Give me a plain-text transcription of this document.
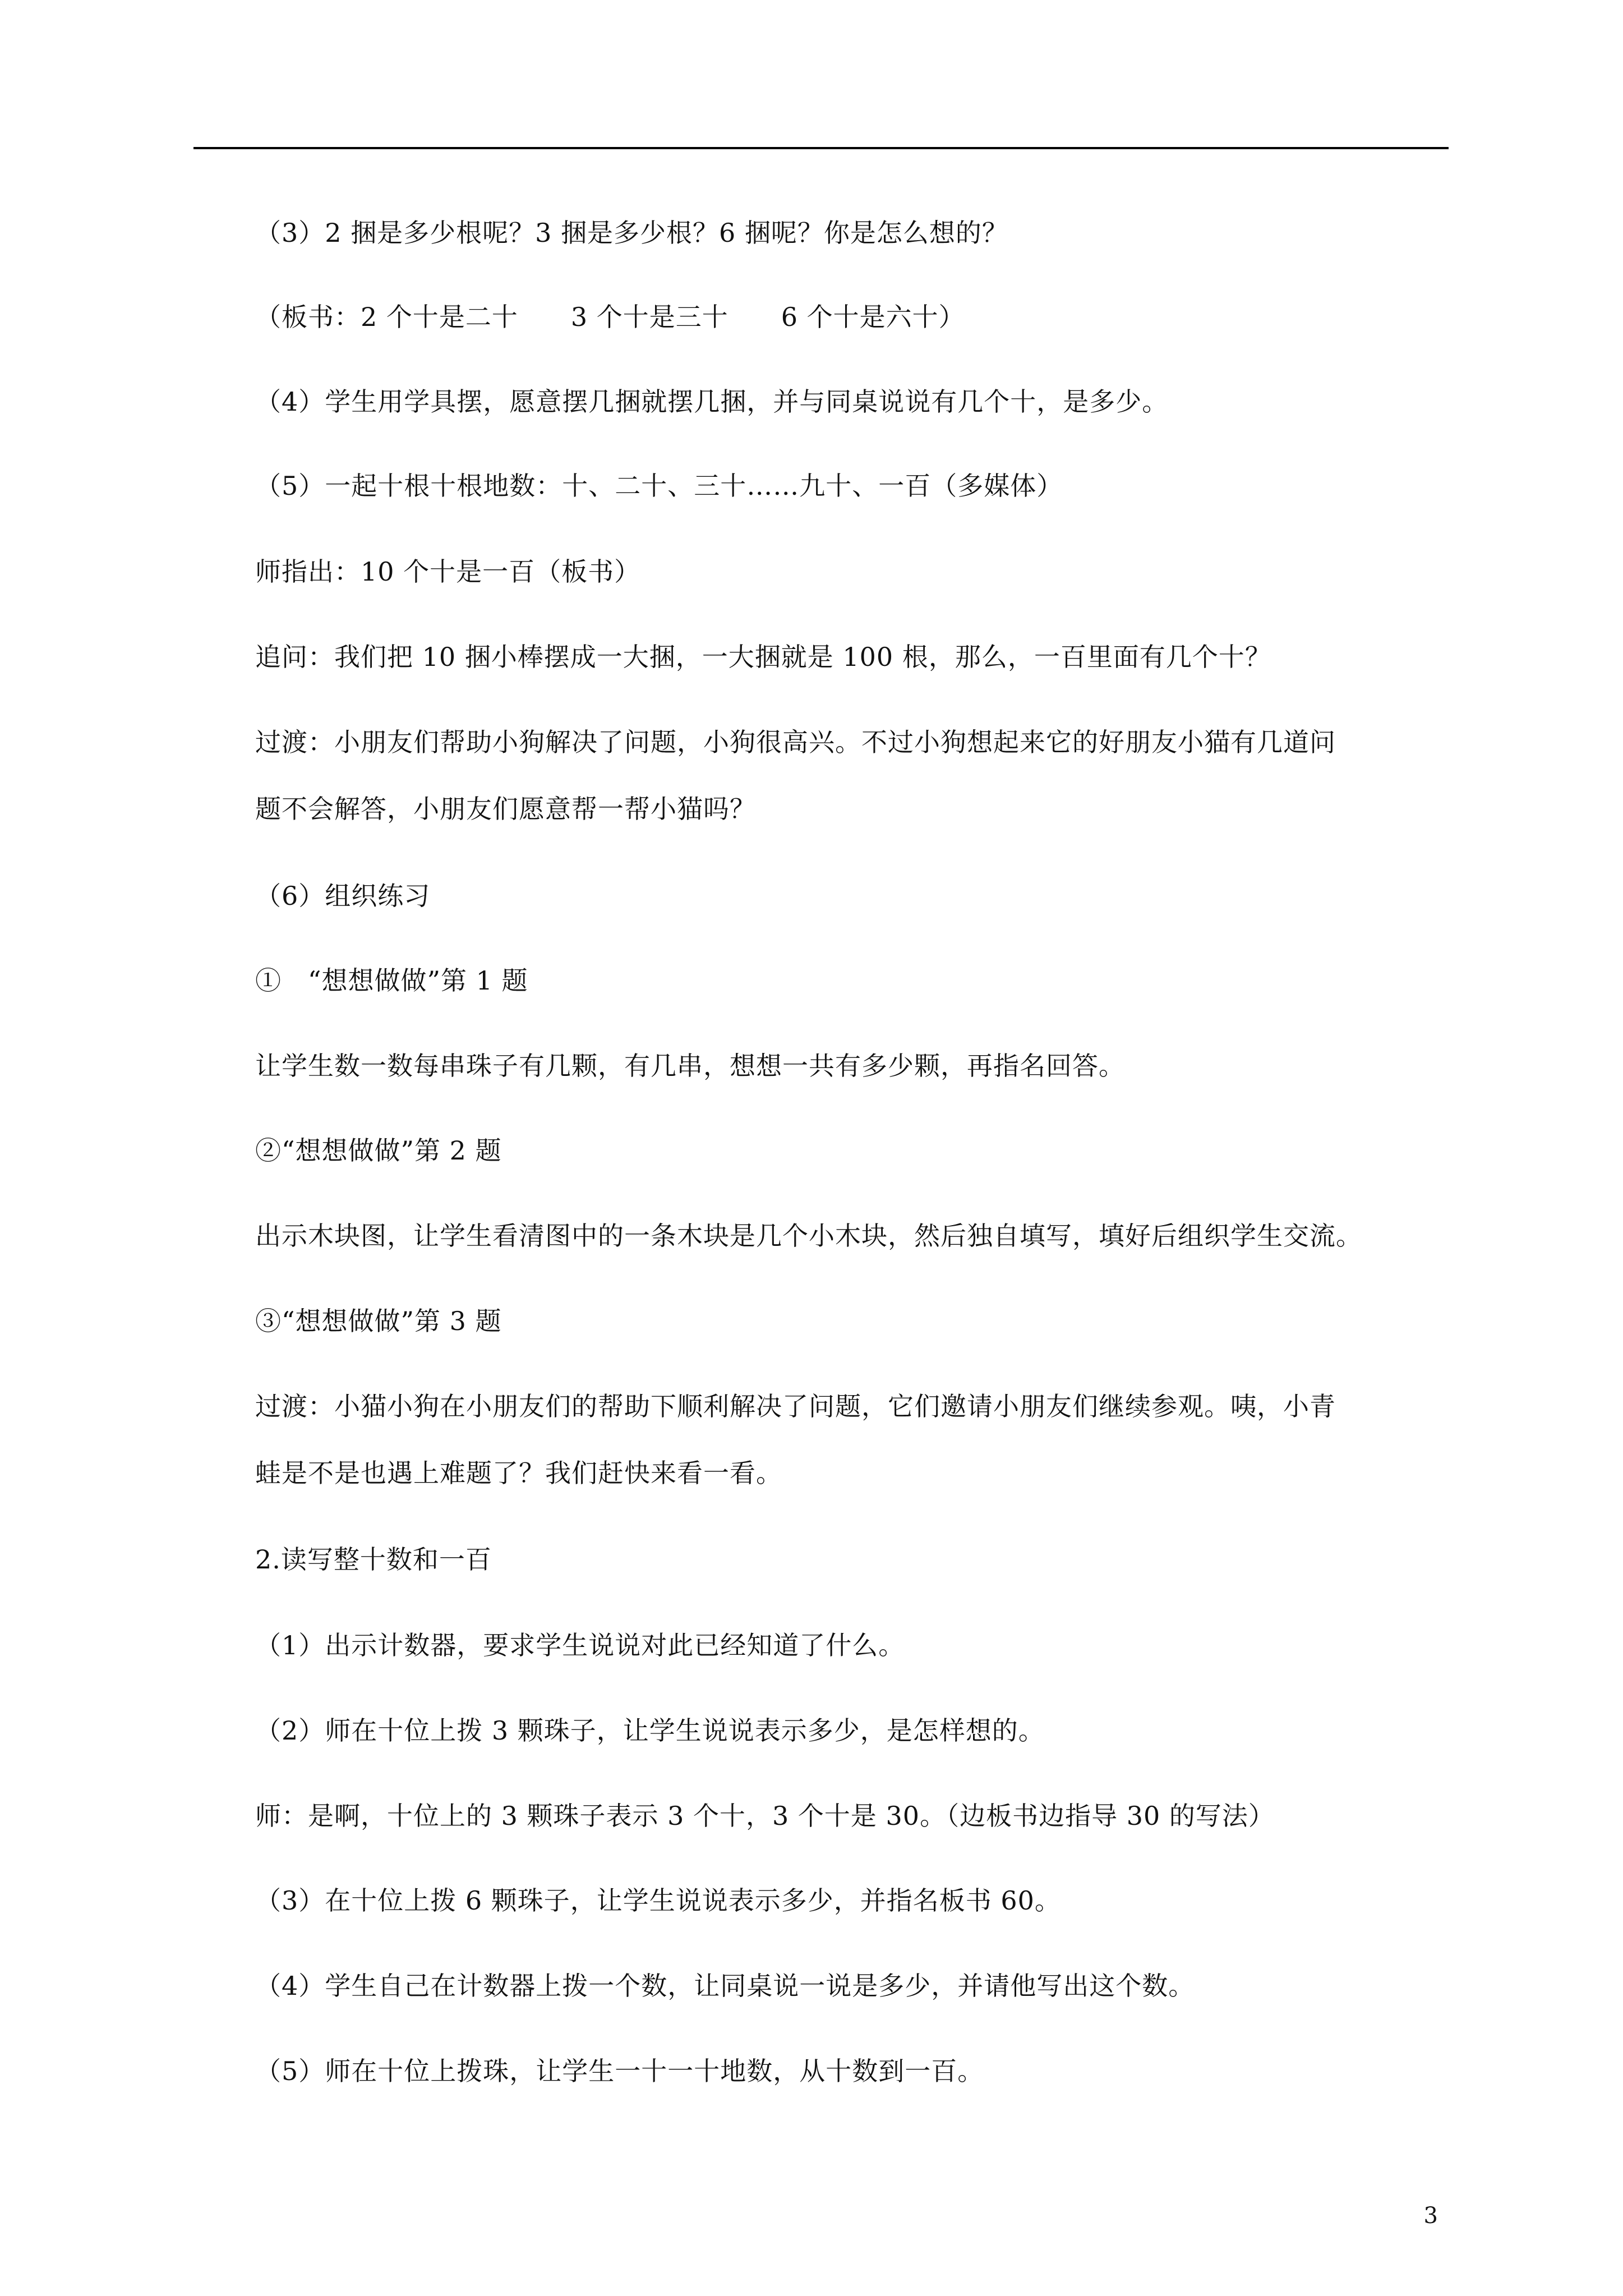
（3）2 捆是多少根呢？3 捆是多少根？6 捆呢？你是怎么想的？
（板书：2 个十是二十　　3 个十是三十　　6 个十是六十）
（4）学生用学具摆，愿意摆几捆就摆几捆，并与同桌说说有几个十，是多少。
（5）一起十根十根地数：十、二十、三十……九十、一百（多媒体）
师指出：10 个十是一百（板书）
追问：我们把 10 捆小棒摆成一大捆，一大捆就是 100 根，那么，一百里面有几个十？
过渡：小朋友们帮助小狗解决了问题，小狗很高兴。不过小狗想起来它的好朋友小猫有几道问
题不会解答，小朋友们愿意帮一帮小猫吗？
（6）组织练习
①　“想想做做”第 1 题
让学生数一数每串珠子有几颗，有几串，想想一共有多少颗，再指名回答。
②“想想做做”第 2 题
出示木块图，让学生看清图中的一条木块是几个小木块，然后独自填写，填好后组织学生交流。
③“想想做做”第 3 题
过渡：小猫小狗在小朋友们的帮助下顺利解决了问题，它们邀请小朋友们继续参观。咦，小青
蛙是不是也遇上难题了？我们赶快来看一看。
2.读写整十数和一百
（1）出示计数器，要求学生说说对此已经知道了什么。
（2）师在十位上拨 3 颗珠子，让学生说说表示多少，是怎样想的。
师：是啊，十位上的 3 颗珠子表示 3 个十，3 个十是 30。（边板书边指导 30 的写法）
（3）在十位上拨 6 颗珠子，让学生说说表示多少，并指名板书 60。
（4）学生自己在计数器上拨一个数，让同桌说一说是多少，并请他写出这个数。
（5）师在十位上拨珠，让学生一十一十地数，从十数到一百。
3
